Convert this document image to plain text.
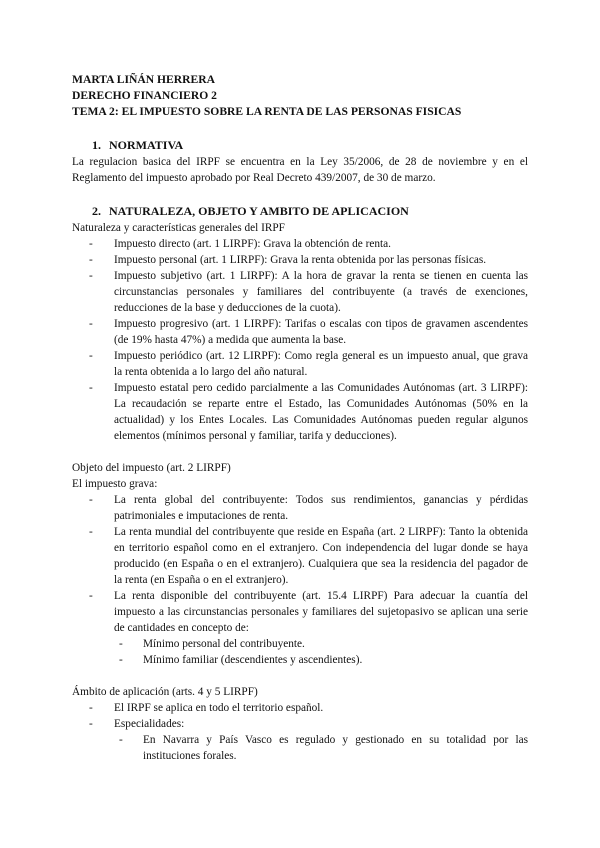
MARTA LIÑÁN HERRERA
DERECHO FINANCIERO 2
TEMA 2: EL IMPUESTO SOBRE LA RENTA DE LAS PERSONAS FISICAS
1. NORMATIVA

La regulacion basica del IRPF se encuentra en la Ley 35/2006, de 28 de noviembre y en el Reglamento del impuesto aprobado por Real Decreto 439/2007, de 30 de marzo.

2. NATURALEZA, OBJETO Y AMBITO DE APLICACION

Naturaleza y características generales del IRPF

- Impuesto directo (art. 1 LIRPF): Grava la obtención de renta.
- Impuesto personal (art. 1 LIRPF): Grava la renta obtenida por las personas físicas.
- Impuesto subjetivo (art. 1 LIRPF): A la hora de gravar la renta se tienen en cuenta las circunstancias personales y familiares del contribuyente (a través de exenciones, reducciones de la base y deducciones de la cuota).
- Impuesto progresivo (art. 1 LIRPF): Tarifas o escalas con tipos de gravamen ascendentes (de 19% hasta 47%) a medida que aumenta la base.
- Impuesto periódico (art. 12 LIRPF): Como regla general es un impuesto anual, que grava la renta obtenida a lo largo del año natural.
- Impuesto estatal pero cedido parcialmente a las Comunidades Autónomas (art. 3 LIRPF): La recaudación se reparte entre el Estado, las Comunidades Autónomas (50% en la actualidad) y los Entes Locales. Las Comunidades Autónomas pueden regular algunos elementos (mínimos personal y familiar, tarifa y deducciones).

Objeto del impuesto (art. 2 LIRPF)

El impuesto grava:

- La renta global del contribuyente: Todos sus rendimientos, ganancias y pérdidas patrimoniales e imputaciones de renta.
- La renta mundial del contribuyente que reside en España (art. 2 LIRPF): Tanto la obtenida en territorio español como en el extranjero. Con independencia del lugar donde se haya producido (en España o en el extranjero). Cualquiera que sea la residencia del pagador de la renta (en España o en el extranjero).
- La renta disponible del contribuyente (art. 15.4 LIRPF) Para adecuar la cuantía del impuesto a las circunstancias personales y familiares del sujetopasivo se aplican una serie de cantidades en concepto de:
- Mínimo personal del contribuyente.
- Mínimo familiar (descendientes y ascendientes).

Ámbito de aplicación (arts. 4 y 5 LIRPF)

- El IRPF se aplica en todo el territorio español.
- Especialidades:
- En Navarra y País Vasco es regulado y gestionado en su totalidad por las instituciones forales.
